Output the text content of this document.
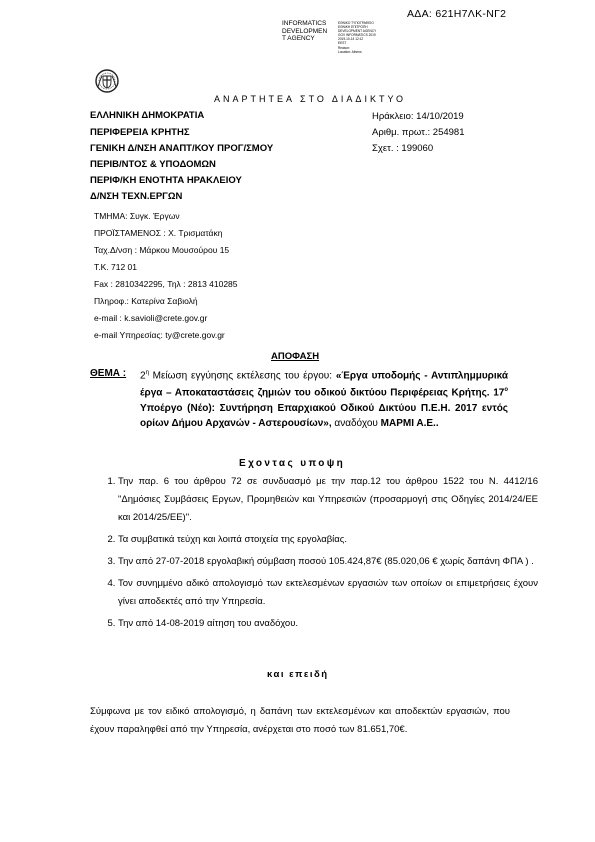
ΑΔΑ: 621Η7ΛΚ-ΝΓ2
INFORMATICS
DEVELOPMEN
T AGENCY
ΕΘΝΙΚΟ ΤΥΠΟΓΡΑΦΕΙΟ
ΕΘΝΙΚΗ ΕΠΙΤΡΟΠΗ
DEVELOPMENT AGENCY
GOV INFORMATICS 2019
2019-10-14 12:12
EEST
Reason:
Location: Athens
ΑΝΑΡΤΗΤΕΑ ΣΤΟ ΔΙΑΔΙΚΤΥΟ
ΕΛΛΗΝΙΚΗ ΔΗΜΟΚΡΑΤΙΑ
ΠΕΡΙΦΕΡΕΙΑ ΚΡΗΤΗΣ
ΓΕΝΙΚΗ Δ/ΝΣΗ ΑΝΑΠΤ/ΚΟΥ ΠΡΟΓ/ΣΜΟΥ
ΠΕΡΙΒ/ΝΤΟΣ & ΥΠΟΔΟΜΩΝ
ΠΕΡΙΦ/ΚΗ ΕΝΟΤΗΤΑ ΗΡΑΚΛΕΙΟΥ
Δ/ΝΣΗ ΤΕΧΝ.ΕΡΓΩΝ
Ηράκλειο: 14/10/2019
Αριθμ. πρωτ.: 254981
Σχετ. : 199060
ΤΜΗΜΑ: Συγκ. Έργων
ΠΡΟΪΣΤΑΜΕΝΟΣ : Χ. Τρισματάκη
Ταχ.Δ/νση : Μάρκου Μουσούρου 15
Τ.Κ. 712 01
Fax : 2810342295, Τηλ : 2813 410285
Πληροφ.: Κατερίνα Σαβιολή
e-mail : k.savioli@crete.gov.gr
e-mail Υπηρεσίας: ty@crete.gov.gr
ΑΠΟΦΑΣΗ
ΘΕΜΑ : $2^\eta$ Μείωση εγγύησης εκτέλεσης του έργου: «Έργα υποδομής - Αντιπλημμυρικά έργα – Αποκαταστάσεις ζημιών του οδικού δικτύου Περιφέρειας Κρήτης. $17^o$ Υποέργο (Νέο): Συντήρηση Επαρχιακού Οδικού Δικτύου Π.Ε.Η. 2017 εντός ορίων Δήμου Αρχανών - Αστερουσίων», αναδόχου ΜΑΡΜΙ Α.Ε..
Εχοντας υποψη
1. Την παρ. 6 του άρθρου 72 σε συνδυασμό με την παρ.12 του άρθρου 1522 του Ν. 4412/16 "Δημόσιες Συμβάσεις Εργων, Προμηθειών και Υπηρεσιών (προσαρμογή στις Οδηγίες 2014/24/ΕΕ και 2014/25/ΕΕ)".
2. Τα συμβατικά τεύχη και λοιπά στοιχεία της εργολαβίας.
3. Την από 27-07-2018 εργολαβική σύμβαση ποσού 105.424,87€ (85.020,06 € χωρίς δαπάνη ΦΠΑ ) .
4. Τον συνημμένο αδικό απολογισμό των εκτελεσμένων εργασιών των οποίων οι επιμετρήσεις έχουν γίνει αποδεκτές από την Υπηρεσία.
5. Την από 14-08-2019 αίτηση του αναδόχου.
και επειδή
Σύμφωνα με τον ειδικό απολογισμό, η δαπάνη των εκτελεσμένων και αποδεκτών εργασιών, που έχουν παραληφθεί από την Υπηρεσία, ανέρχεται στο ποσό των 81.651,70€.
